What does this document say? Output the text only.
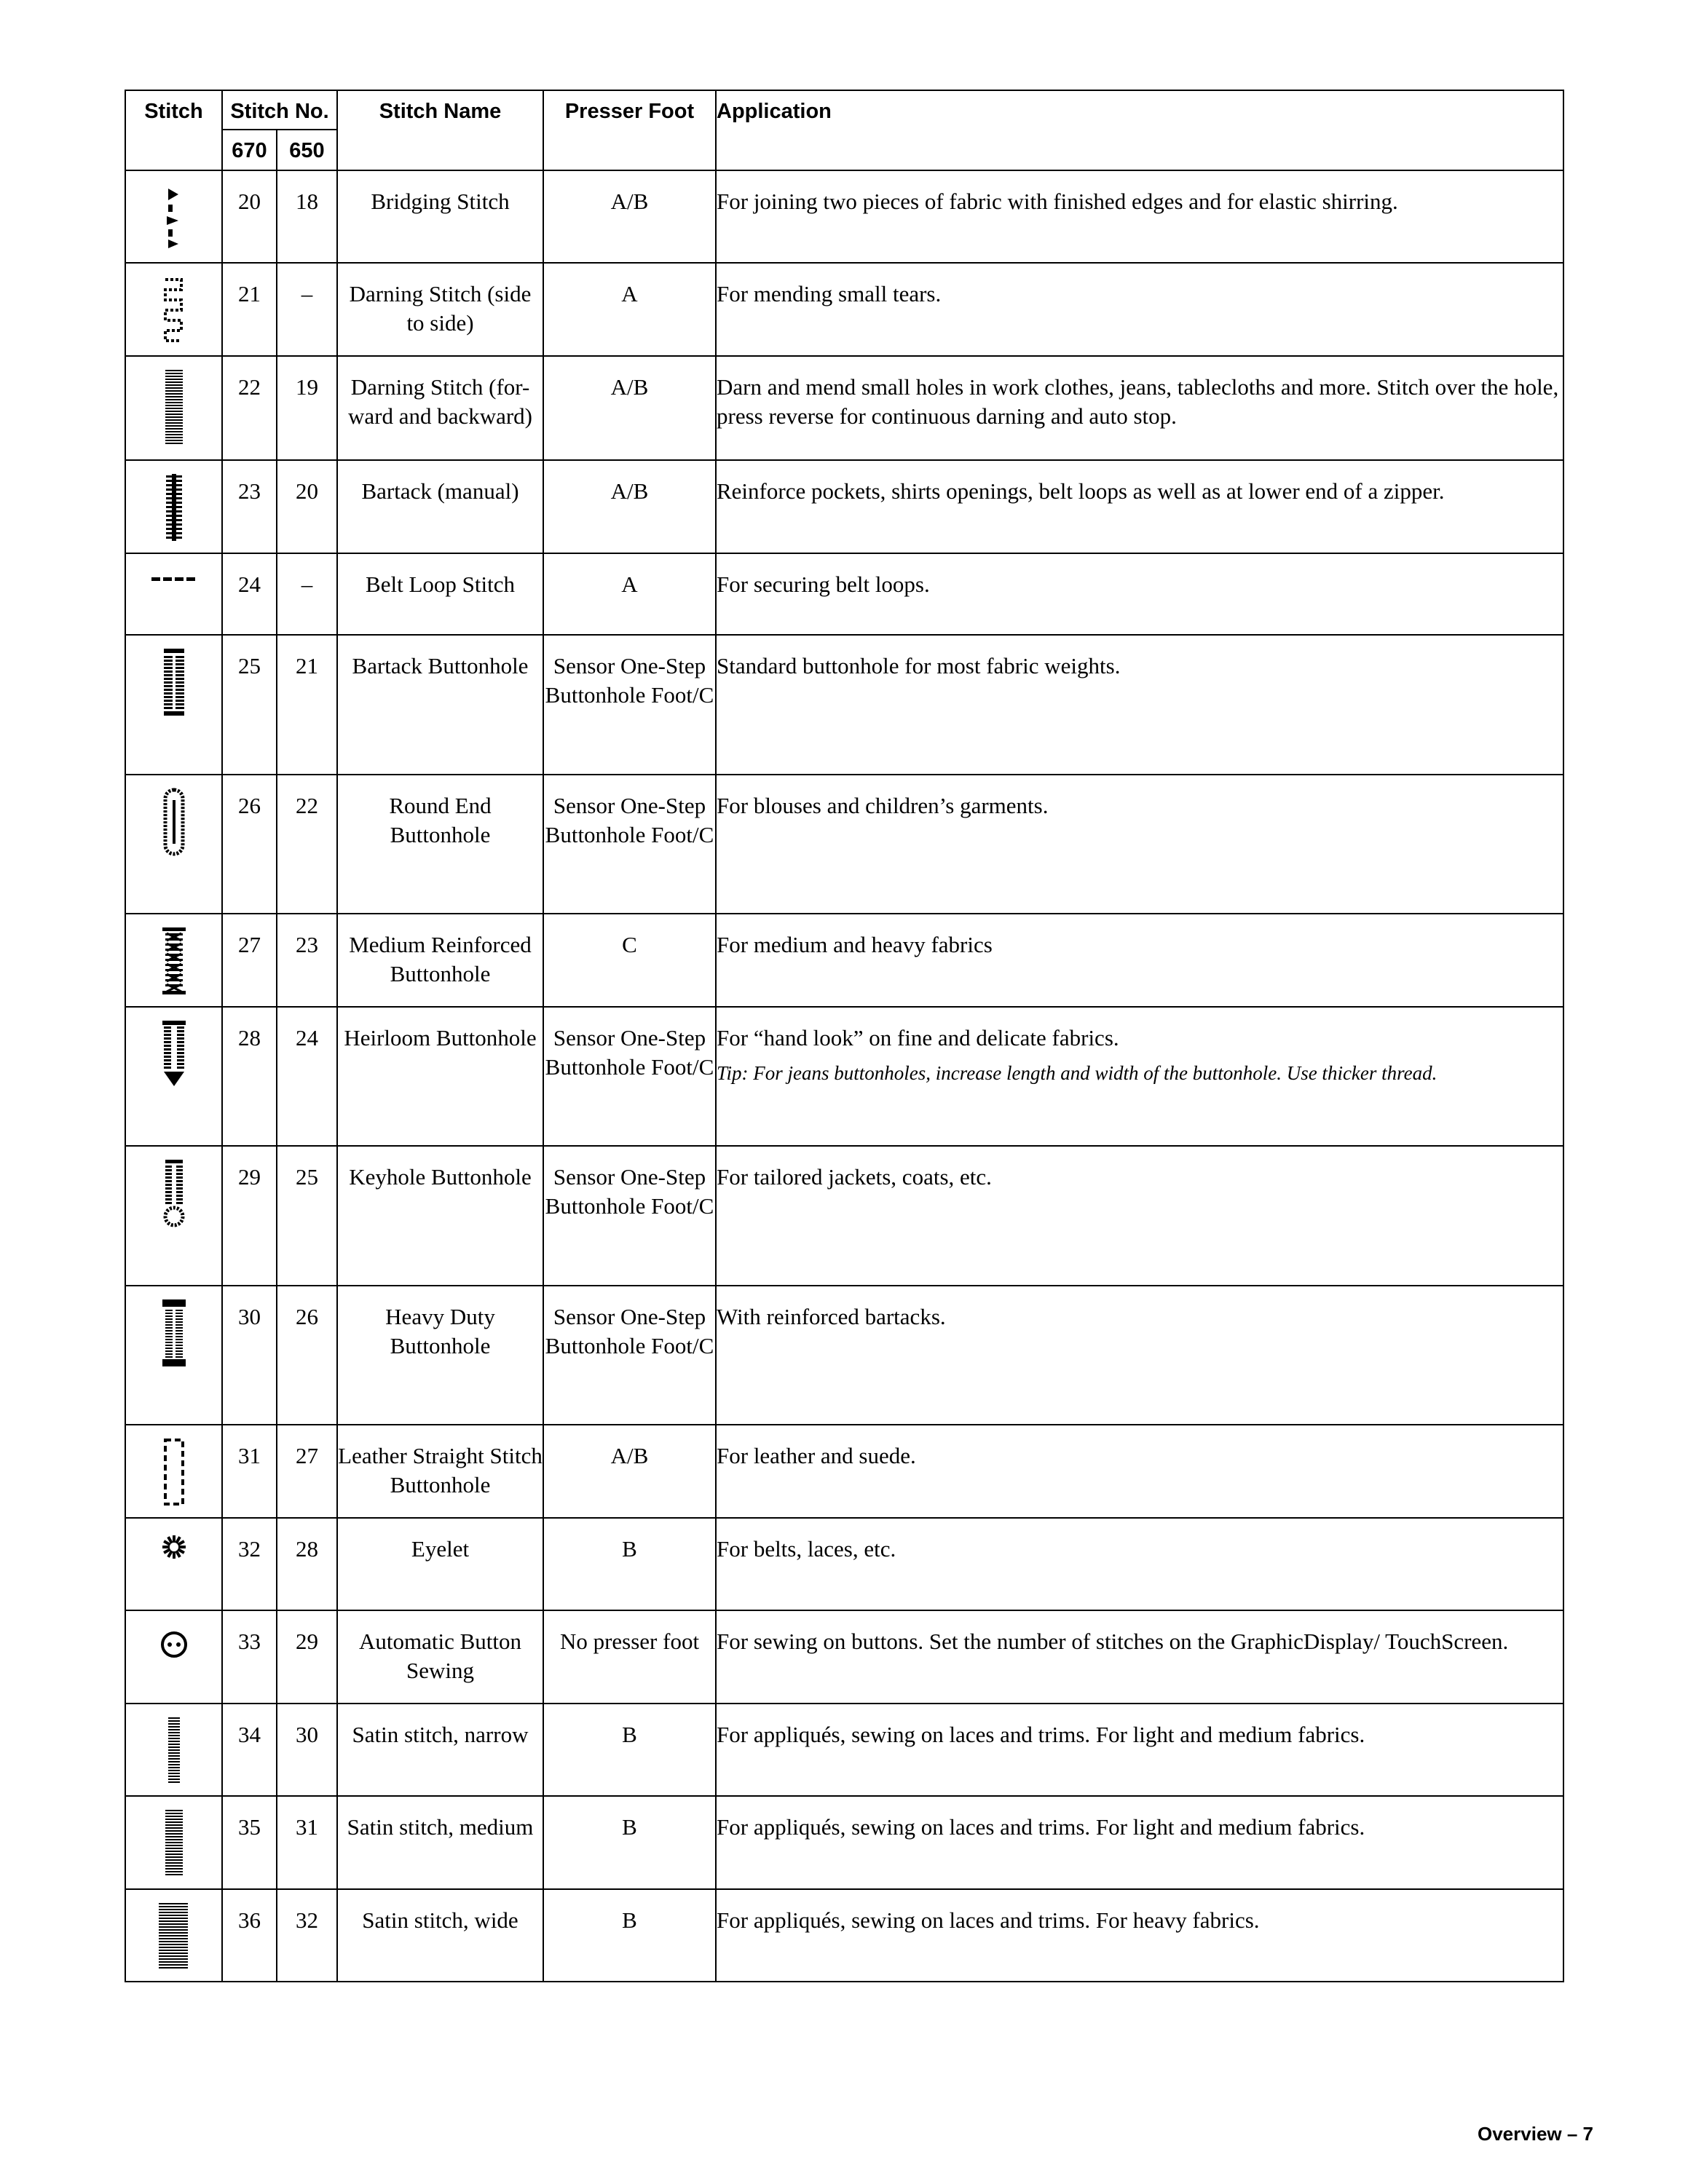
Stitch	Stitch No.		Stitch Name	Presser Foot	Application
	670	650			

	20	18	Bridging Stitch	A/B	For joining two pieces of fabric with finished edges and for elastic shirring.

	21	–	Darning Stitch (side to side)	A	For mending small tears.

	22	19	Darning Stitch (for-ward and backward)	A/B	Darn and mend small holes in work clothes, jeans, tablecloths and more. Stitch over the hole, press reverse for continuous darning and auto stop.

	23	20	Bartack (manual)	A/B	Reinforce pockets, shirts openings, belt loops as well as at lower end of a zipper.

	24	–	Belt Loop Stitch	A	For securing belt loops.

	25	21	Bartack Buttonhole	Sensor One-Step Buttonhole Foot/C	Standard buttonhole for most fabric weights.

	26	22	Round End Buttonhole	Sensor One-Step Buttonhole Foot/C	For blouses and children’s garments.

	27	23	Medium Reinforced Buttonhole	C	For medium and heavy fabrics

	28	24	Heirloom Buttonhole	Sensor One-Step Buttonhole Foot/C	For “hand look” on fine and delicate fabrics.
Tip: For jeans buttonholes, increase length and width of the buttonhole. Use thicker thread.

	29	25	Keyhole Buttonhole	Sensor One-Step Buttonhole Foot/C	For tailored jackets, coats, etc.

	30	26	Heavy Duty Buttonhole	Sensor One-Step Buttonhole Foot/C	With reinforced bartacks.

	31	27	Leather Straight Stitch Buttonhole	A/B	For leather and suede.

	32	28	Eyelet	B	For belts, laces, etc.

	33	29	Automatic Button Sewing	No presser foot	For sewing on buttons. Set the number of stitches on the GraphicDisplay/ TouchScreen.

	34	30	Satin stitch, narrow	B	For appliqués, sewing on laces and trims. For light and medium fabrics.

	35	31	Satin stitch, medium	B	For appliqués, sewing on laces and trims. For light and medium fabrics.

	36	32	Satin stitch, wide	B	For appliqués, sewing on laces and trims. For heavy fabrics.
Overview – 7
